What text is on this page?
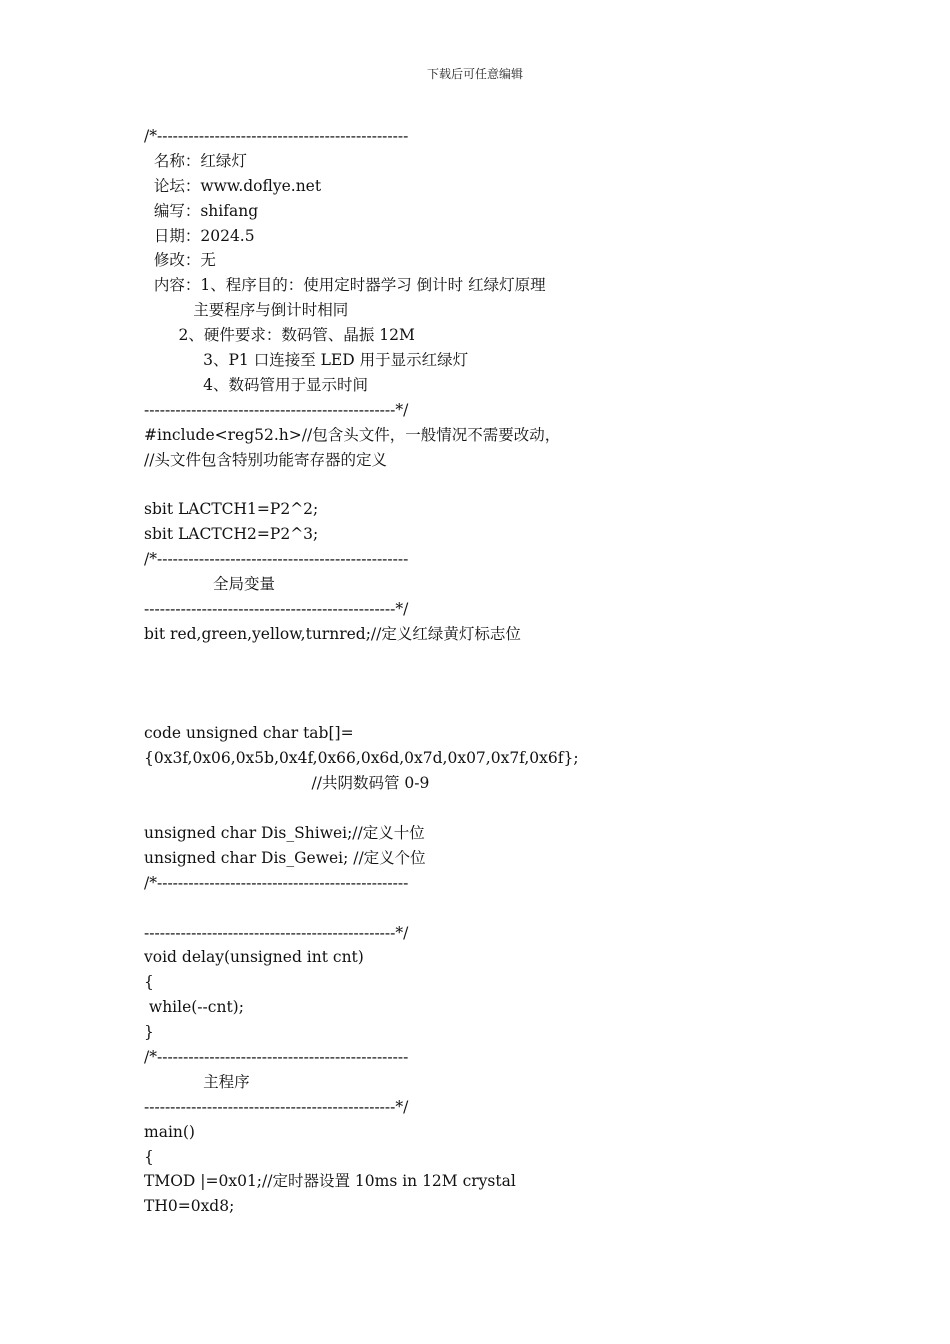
下载后可任意编辑
/*------------------------------------------------
名称：红绿灯
论坛：www.doflye.net
编写：shifang
日期：2024.5
修改：无
内容：1、程序目的：使用定时器学习 倒计时 红绿灯原理
主要程序与倒计时相同
2、硬件要求：数码管、晶振 12M
3、P1 口连接至 LED 用于显示红绿灯
4、数码管用于显示时间
------------------------------------------------*/
#include<reg52.h>//包含头文件，一般情况不需要改动，
//头文件包含特别功能寄存器的定义
sbit LACTCH1=P2^2;
sbit LACTCH2=P2^3;
/*------------------------------------------------
全局变量
------------------------------------------------*/
bit red,green,yellow,turnred;//定义红绿黄灯标志位
code unsigned char tab[]=
{0x3f,0x06,0x5b,0x4f,0x66,0x6d,0x7d,0x07,0x7f,0x6f};
//共阴数码管 0-9
unsigned char Dis_Shiwei;//定义十位
unsigned char Dis_Gewei; //定义个位
/*------------------------------------------------
------------------------------------------------*/
void delay(unsigned int cnt)
{
while(--cnt);
}
/*------------------------------------------------
主程序
------------------------------------------------*/
main()
{
TMOD |=0x01;//定时器设置 10ms in 12M crystal
TH0=0xd8;
